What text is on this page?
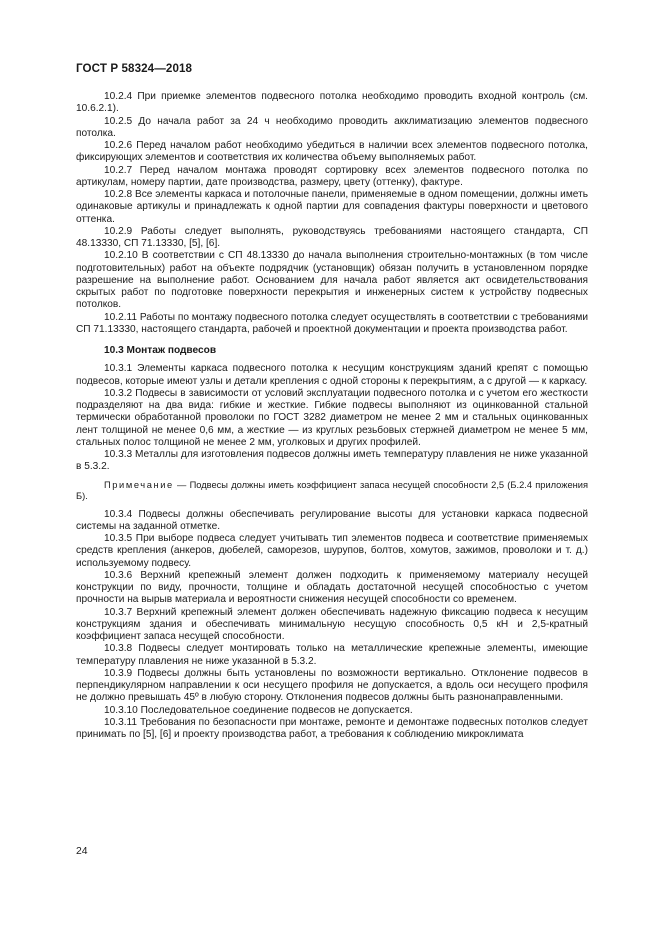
ГОСТ Р 58324—2018

10.2.4 При приемке элементов подвесного потолка необходимо проводить входной контроль (см. 10.6.2.1).

10.2.5 До начала работ за 24 ч необходимо проводить акклиматизацию элементов подвесного потолка.

10.2.6 Перед началом работ необходимо убедиться в наличии всех элементов подвесного потолка, фиксирующих элементов и соответствия их количества объему выполняемых работ.

10.2.7 Перед началом монтажа проводят сортировку всех элементов подвесного потолка по артикулам, номеру партии, дате производства, размеру, цвету (оттенку), фактуре.

10.2.8 Все элементы каркаса и потолочные панели, применяемые в одном помещении, должны иметь одинаковые артикулы и принадлежать к одной партии для совпадения фактуры поверхности и цветового оттенка.

10.2.9 Работы следует выполнять, руководствуясь требованиями настоящего стандарта, СП 48.13330, СП 71.13330, [5], [6].

10.2.10 В соответствии с СП 48.13330 до начала выполнения строительно-монтажных (в том числе подготовительных) работ на объекте подрядчик (установщик) обязан получить в установленном порядке разрешение на выполнение работ. Основанием для начала работ является акт освидетельствования скрытых работ по подготовке поверхности перекрытия и инженерных систем к устройству подвесных потолков.

10.2.11 Работы по монтажу подвесного потолка следует осуществлять в соответствии с требованиями СП 71.13330, настоящего стандарта, рабочей и проектной документации и проекта производства работ.

10.3 Монтаж подвесов

10.3.1 Элементы каркаса подвесного потолка к несущим конструкциям зданий крепят с помощью подвесов, которые имеют узлы и детали крепления с одной стороны к перекрытиям, а с другой — к каркасу.

10.3.2 Подвесы в зависимости от условий эксплуатации подвесного потолка и с учетом его жесткости подразделяют на два вида: гибкие и жесткие. Гибкие подвесы выполняют из оцинкованной стальной термически обработанной проволоки по ГОСТ 3282 диаметром не менее 2 мм и стальных оцинкованных лент толщиной не менее 0,6 мм, а жесткие — из круглых резьбовых стержней диаметром не менее 5 мм, стальных полос толщиной не менее 2 мм, уголковых и других профилей.

10.3.3 Металлы для изготовления подвесов должны иметь температуру плавления не ниже указанной в 5.3.2.

Примечание — Подвесы должны иметь коэффициент запаса несущей способности 2,5 (Б.2.4 приложения Б).

10.3.4 Подвесы должны обеспечивать регулирование высоты для установки каркаса подвесной системы на заданной отметке.

10.3.5 При выборе подвеса следует учитывать тип элементов подвеса и соответствие применяемых средств крепления (анкеров, дюбелей, саморезов, шурупов, болтов, хомутов, зажимов, проволоки и т. д.) используемому подвесу.

10.3.6 Верхний крепежный элемент должен подходить к применяемому материалу несущей конструкции по виду, прочности, толщине и обладать достаточной несущей способностью с учетом прочности на вырыв материала и вероятности снижения несущей способности со временем.

10.3.7 Верхний крепежный элемент должен обеспечивать надежную фиксацию подвеса к несущим конструкциям здания и обеспечивать минимальную несущую способность 0,5 кН и 2,5-кратный коэффициент запаса несущей способности.

10.3.8 Подвесы следует монтировать только на металлические крепежные элементы, имеющие температуру плавления не ниже указанной в 5.3.2.

10.3.9 Подвесы должны быть установлены по возможности вертикально. Отклонение подвесов в перпендикулярном направлении к оси несущего профиля не допускается, а вдоль оси несущего профиля не должно превышать 45º в любую сторону. Отклонения подвесов должны быть разнонаправленными.

10.3.10 Последовательное соединение подвесов не допускается.

10.3.11 Требования по безопасности при монтаже, ремонте и демонтаже подвесных потолков следует принимать по [5], [6] и проекту производства работ, а требования к соблюдению микроклимата

24
